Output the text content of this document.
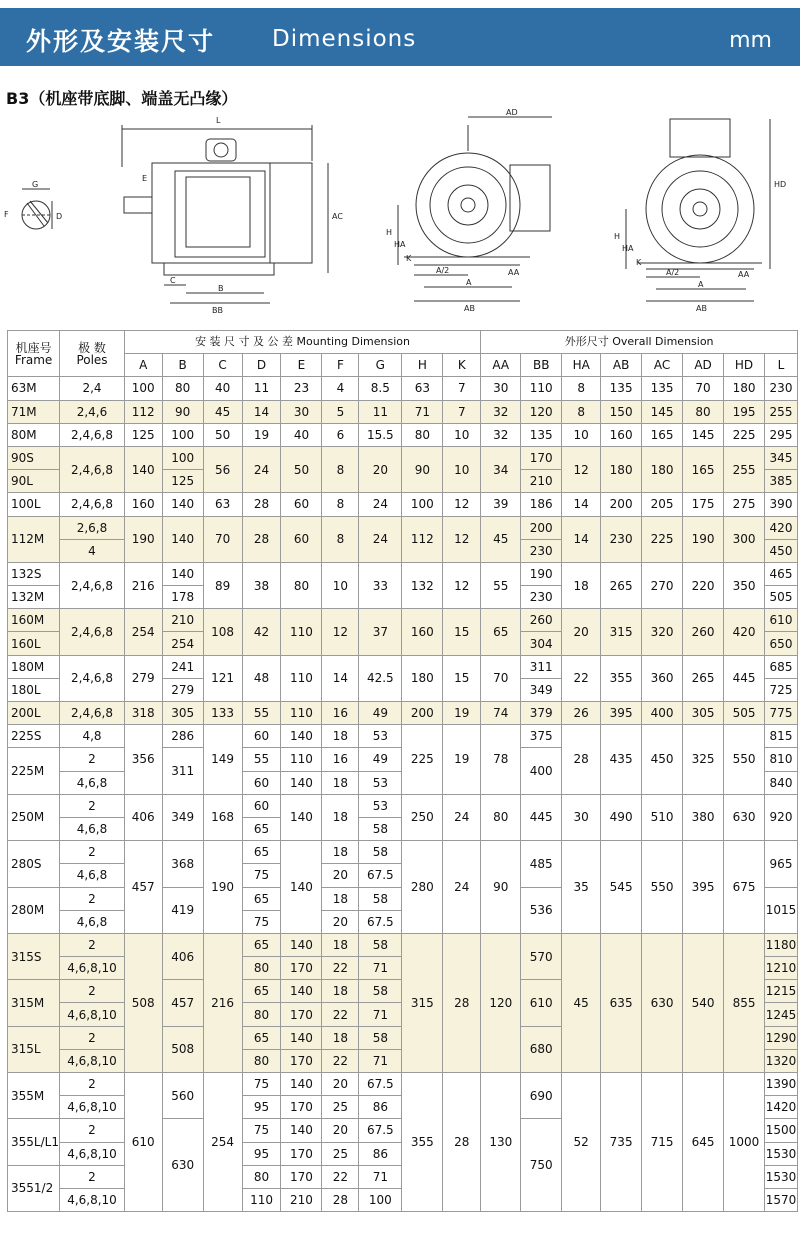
外形及安装尺寸 Dimensions	mm
B3（机座带底脚、端盖无凸缘）
G
F	D
L
E
C
B
BB
AC
AD
H
HA
K
A/2
A
AB
AA
HD
H
HA
K
A/2
A
AB
AA
机座号
Frame	极 数
Poles	安 装 尺 寸 及 公 差 Mounting Dimension									外形尺寸 Overall Dimension							
		A	B	C	D	E	F	G	H	K	AA	BB	HA	AB	AC	AD	HD	L
63M	2,4	100	80	40	11	23	4	8.5	63	7	30	110	8	135	135	70	180	230
71M	2,4,6	112	90	45	14	30	5	11	71	7	32	120	8	150	145	80	195	255
80M	2,4,6,8	125	100	50	19	40	6	15.5	80	10	32	135	10	160	165	145	225	295
90S	2,4,6,8	140	100	56	24	50	8	20	90	10	34	170	12	180	180	165	255	345
90L			125									210						385
100L	2,4,6,8	160	140	63	28	60	8	24	100	12	39	186	14	200	205	175	275	390
112M	2,6,8	190	140	70	28	60	8	24	112	12	45	200	14	230	225	190	300	420
	4											230						450
132S	2,4,6,8	216	140	89	38	80	10	33	132	12	55	190	18	265	270	220	350	465
132M			178									230						505
160M	2,4,6,8	254	210	108	42	110	12	37	160	15	65	260	20	315	320	260	420	610
160L			254									304						650
180M	2,4,6,8	279	241	121	48	110	14	42.5	180	15	70	311	22	355	360	265	445	685
180L			279									349						725
200L	2,4,6,8	318	305	133	55	110	16	49	200	19	74	379	26	395	400	305	505	775
225S	4,8	356	286	149	60	140	18	53	225	19	78	375	28	435	450	325	550	815
225M	2		311		55	110	16	49				400						810
	4,6,8				60	140	18	53										840
250M	2	406	349	168	60	140	18	53	250	24	80	445	30	490	510	380	630	920
	4,6,8				65			58										
280S	2	457	368	190	65	140	18	58	280	24	90	485	35	545	550	395	675	965
	4,6,8				75		20	67.5										
280M	2		419		65		18	58				536						1015
	4,6,8				75		20	67.5										
315S	2	508	406	216	65	140	18	58	315	28	120	570	45	635	630	540	855	1180
	4,6,8,10				80	170	22	71										1210
315M	2		457		65	140	18	58				610						1215
	4,6,8,10				80	170	22	71										1245
315L	2		508		65	140	18	58				680						1290
	4,6,8,10				80	170	22	71										1320
355M	2	610	560	254	75	140	20	67.5	355	28	130	690	52	735	715	645	1000	1390
	4,6,8,10				95	170	25	86										1420
355L/L1	2		630		75	140	20	67.5				750						1500
	4,6,8,10				95	170	25	86										1530
3551/2	2				80	170	22	71										1530
	4,6,8,10				110	210	28	100										1570
